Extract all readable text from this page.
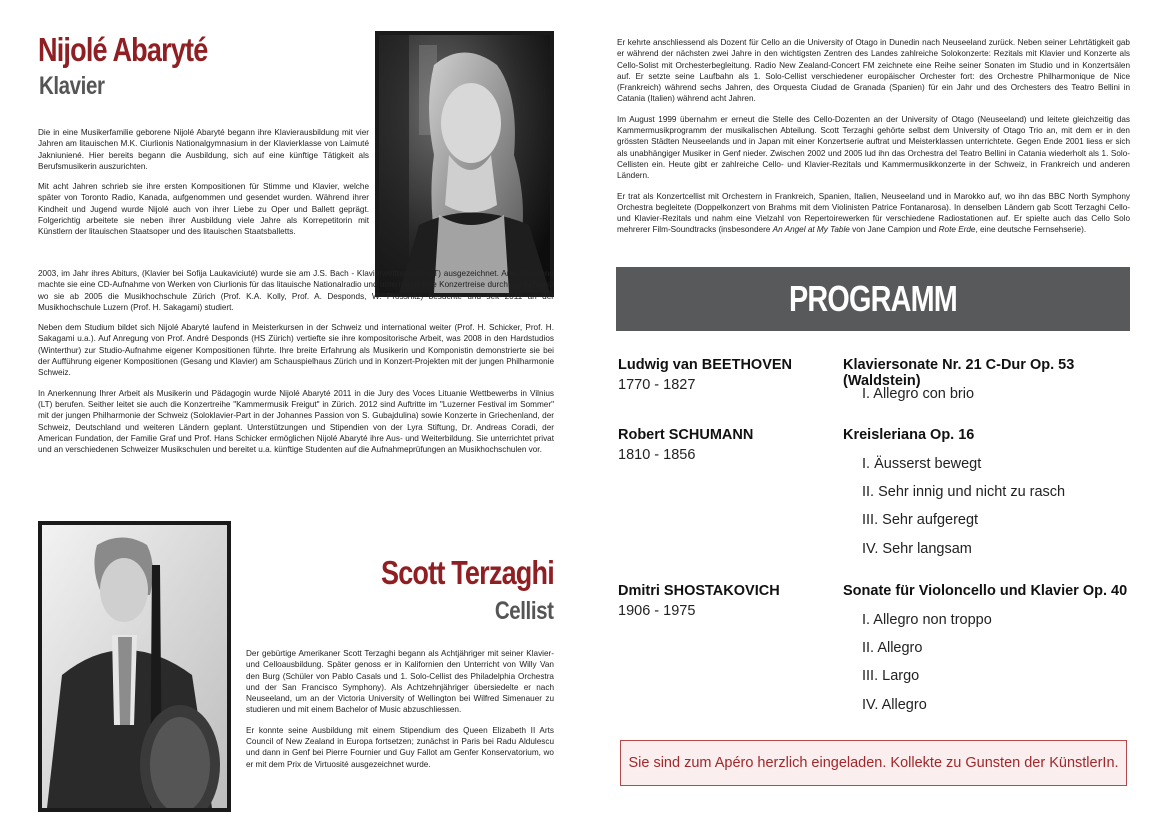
Nijolé Abaryté
Klavier

Die in eine Musikerfamilie geborene Nijolé Abaryté begann ihre Klavierausbildung mit vier Jahren am litauischen M.K. Ciurlionis Nationalgymnasium in der Klavierklasse von Laimuté Jakniuniené. Hier bereits begann die Ausbildung, sich auf eine künftige Tätigkeit als Berufsmusikerin auszurichten.

Mit acht Jahren schrieb sie ihre ersten Kompositionen für Stimme und Klavier, welche später von Toronto Radio, Kanada, aufgenommen und gesendet wurden. Während ihrer Kindheit und Jugend wurde Nijolé auch von ihrer Liebe zu Oper und Ballett geprägt. Folgerichtig arbeitete sie neben ihrer Ausbildung viele Jahre als Korrepetitorin mit Künstlern der litauischen Staatsoper und des litauischen Staatsballetts.

2003, im Jahr ihres Abiturs, (Klavier bei Sofija Laukaviciuté) wurde sie am J.S. Bach - Klavierwettbewerb (LT) ausgezeichnet. Anschliessend machte sie eine CD-Aufnahme von Werken von Ciurlionis für das litauische Nationalradio und unternahm eine Konzertreise durch die Schweiz wo sie ab 2005 die Musikhochschule Zürich (Prof. K.A. Kolly, Prof. A. Desponds, W. Prossnitz) besuchte und seit 2011 an der Musikhochschule Luzern (Prof. H. Sakagami) studiert.

Neben dem Studium bildet sich Nijolé Abaryté laufend in Meisterkursen in der Schweiz und international weiter (Prof. H. Schicker, Prof. H. Sakagami u.a.). Auf Anregung von Prof. André Desponds (HS Zürich) vertiefte sie ihre kompositorische Arbeit, was 2008 in den Hardstudios (Winterthur) zur Studio-Aufnahme eigener Kompositionen führte. Ihre breite Erfahrung als Musikerin und Komponistin demonstrierte sie bei der Aufführung eigener Kompositionen (Gesang und Klavier) am Schauspielhaus Zürich und in Konzert-Projekten mit der jungen Philharmonie Schweiz.

In Anerkennung Ihrer Arbeit als Musikerin und Pädagogin wurde Nijolé Abaryté 2011 in die Jury des Voces Lituanie Wettbewerbs in Vilnius (LT) berufen. Seither leitet sie auch die Konzertreihe "Kammermusik Freigut" in Zürich. 2012 sind Auftritte im "Luzerner Festival im Sommer" mit der jungen Philharmonie der Schweiz (Soloklavier-Part in der Johannes Passion von S. Gubajdulina) sowie Konzerte in Griechenland, der Schweiz, Deutschland und weiteren Ländern geplant. Unterstützungen und Stipendien von der Lyra Stiftung, Dr. Andreas Coradi, der American Fundation, der Familie Graf und Prof. Hans Schicker ermöglichen Nijolé Abaryté ihre Aus- und Weiterbildung. Sie unterrichtet privat und an verschiedenen Schweizer Musikschulen und bereitet u.a. künftige Studenten auf die Aufnahmeprüfungen an Musikhochschulen vor.

Scott Terzaghi
Cellist

Der gebürtige Amerikaner Scott Terzaghi begann als Achtjähriger mit seiner Klavier- und Celloausbildung. Später genoss er in Kalifornien den Unterricht von Willy Van den Burg (Schüler von Pablo Casals und 1. Solo-Cellist des Philadelphia Orchestra und der San Francisco Symphony). Als Achtzehnjähriger übersiedelte er nach Neuseeland, um an der Victoria University of Wellington bei Wilfred Simenauer zu studieren und mit einem Bachelor of Music abzuschliessen.

Er konnte seine Ausbildung mit einem Stipendium des Queen Elizabeth II Arts Council of New Zealand in Europa fortsetzen; zunächst in Paris bei Radu Aldulescu und dann in Genf bei Pierre Fournier und Guy Fallot am Genfer Konservatorium, wo er mit dem Prix de Virtuosité ausgezeichnet wurde.

Er kehrte anschliessend als Dozent für Cello an die University of Otago in Dunedin nach Neuseeland zurück. Neben seiner Lehrtätigkeit gab er während der nächsten zwei Jahre in den wichtigsten Zentren des Landes zahlreiche Solokonzerte: Rezitals mit Klavier und Konzerte als Cello-Solist mit Orchesterbegleitung. Radio New Zealand-Concert FM zeichnete eine Reihe seiner Sonaten im Studio und in Konzertsälen auf. Er setzte seine Laufbahn als 1. Solo-Cellist verschiedener europäischer Orchester fort: des Orchestre Philharmonique de Nice (Frankreich) während sechs Jahren, des Orquesta Ciudad de Granada (Spanien) für ein Jahr und des Orchesters des Teatro Bellini in Catania (Italien) während acht Jahren.

Im August 1999 übernahm er erneut die Stelle des Cello-Dozenten an der University of Otago (Neuseeland) und leitete gleichzeitig das Kammermusikprogramm der musikalischen Abteilung. Scott Terzaghi gehörte selbst dem University of Otago Trio an, mit dem er in den grössten Städten Neuseelands und in Japan mit einer Konzertserie auftrat und Meisterklassen unterrichtete. Gegen Ende 2001 liess er sich als unabhängiger Musiker in Genf nieder. Zwischen 2002 und 2005 lud ihn das Orchestra del Teatro Bellini in Catania wiederholt als 1. Solo-Cellisten ein. Heute gibt er zahlreiche Cello- und Klavier-Rezitals und Kammermusikkonzerte in der Schweiz, in Frankreich und anderen Ländern.

Er trat als Konzertcellist mit Orchestern in Frankreich, Spanien, Italien, Neuseeland und in Marokko auf, wo ihn das BBC North Symphony Orchestra begleitete (Doppelkonzert von Brahms mit dem Violinisten Patrice Fontanarosa). In denselben Ländern gab Scott Terzaghi Cello- und Klavier-Rezitals und nahm eine Vielzahl von Repertoirewerken für verschiedene Radiostationen auf. Er spielte auch das Cello Solo mehrerer Film-Soundtracks (insbesondere An Angel at My Table von Jane Campion und Rote Erde, eine deutsche Fernsehserie).

PROGRAMM
Ludwig van BEETHOVEN
1770 - 1827
Klaviersonate Nr. 21 C-Dur Op. 53 (Waldstein)
I. Allegro con brio
Robert SCHUMANN
1810 - 1856
Kreisleriana Op. 16
I. Äusserst bewegt
II. Sehr innig und nicht zu rasch
III. Sehr aufgeregt
IV. Sehr langsam
Dmitri SHOSTAKOVICH
1906 - 1975
Sonate für Violoncello und Klavier Op. 40
I. Allegro non troppo
II. Allegro
III. Largo
IV. Allegro
Sie sind zum Apéro herzlich eingeladen. Kollekte zu Gunsten der KünstlerIn.
